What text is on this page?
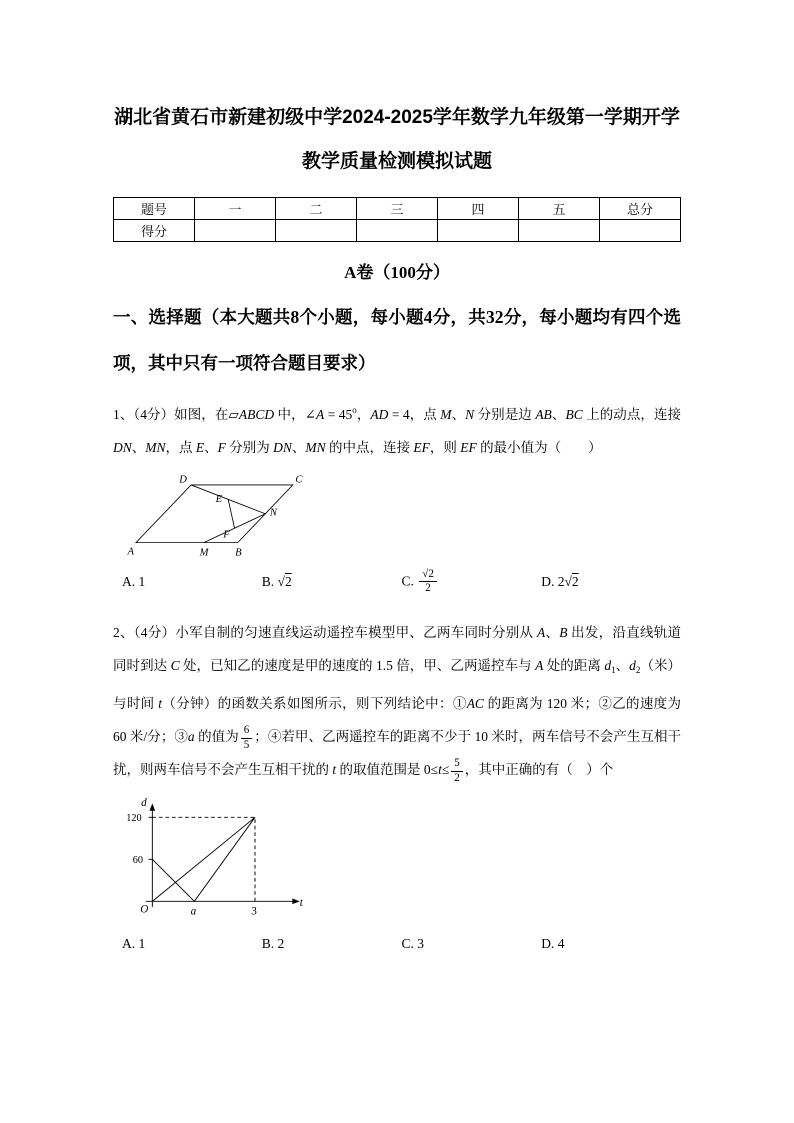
湖北省黄石市新建初级中学2024-2025学年数学九年级第一学期开学教学质量检测模拟试题
题号	一	二	三	四	五	总分
得分						
A卷（100分）
一、选择题（本大题共8个小题，每小题4分，共32分，每小题均有四个选项，其中只有一项符合题目要求）

1、（4分）如图，在▱ABCD 中，∠A = $45^o$，AD = 4，点 M、N 分别是边 AB、BC 上的动点，连接 DN、MN，点 E、F 分别为 DN、MN 的中点，连接 EF，则 EF 的最小值为（　　）

D	C
E
F
N
A	M B
A. 1	B. √2	C. $\frac{√2}{2}$	D. 2√2

2、（4分）小军自制的匀速直线运动遥控车模型甲、乙两车同时分别从 A、B 出发，沿直线轨道同时到达 C 处，已知乙的速度是甲的速度的 1.5 倍，甲、乙两遥控车与 A 处的距离 $d_1$、$d_2$（米）与时间 t（分钟）的函数关系如图所示，则下列结论中：①AC 的距离为 120 米；②乙的速度为 60 米/分；③a 的值为 $\frac{6}{5}$ ；④若甲、乙两遥控车的距离不少于 10 米时，两车信号不会产生互相干扰，则两车信号不会产生互相干扰的 t 的取值范围是 $0\le t\le \frac{5}{2}$ ，其中正确的有（　）个

d
t
O
120
60
a	3
A. 1	B. 2	C. 3	D. 4
